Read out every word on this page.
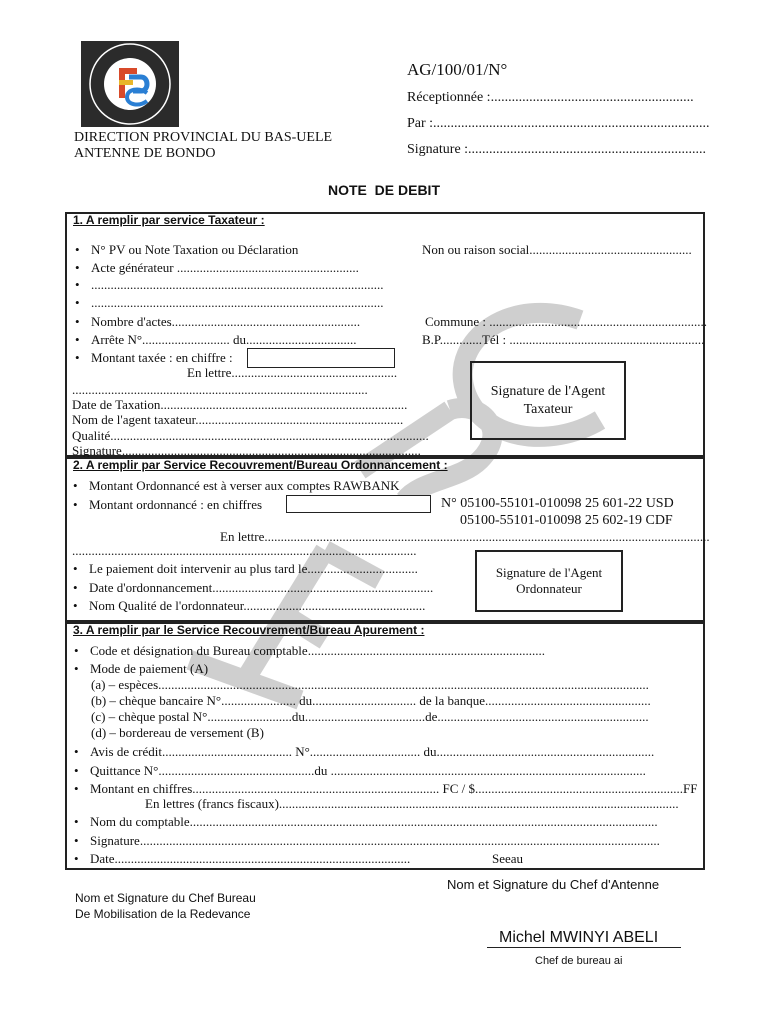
DIRECTION PROVINCIAL DU BAS-UELE
ANTENNE DE BONDO
AG/100/01/N°
Réceptionnée :..........................................................
Par :...............................................................................
Signature :....................................................................
NOTE  DE DEBIT
1. A remplir par service Taxateur :
• N° PV ou Note Taxation ou Déclaration
• Acte générateur ........................................................
• ..........................................................................................
• ..........................................................................................
• Nombre d'actes..........................................................
• Arrête N°........................... du..................................
• Montant taxée : en chiffre :
Non ou raison social..................................................
Commune : ...................................................................
B.P.............Tél : ............................................................
En lettre...................................................
...........................................................................................
Date de Taxation............................................................................
Nom de l'agent taxateur................................................................
Qualité..................................................................................................
Signature............................................................................................
Signature de l'Agent Taxateur
2. A remplir par Service Recouvrement/Bureau Ordonnancement :
• Montant Ordonnancé est à verser aux comptes RAWBANK
• Montant ordonnancé : en chiffres	N° 05100-55101-010098 25 601-22 USD
05100-55101-010098 25 602-19 CDF
En lettre.........................................................................................................................................
..........................................................................................................
• Le paiement doit intervenir au plus tard le..................................
• Date d'ordonnancement....................................................................
• Nom Qualité de l'ordonnateur........................................................
Signature de l'Agent Ordonnateur
3. A remplir par le Service Recouvrement/Bureau Apurement :
• Code et désignation du Bureau comptable.........................................................................
• Mode de paiement (A)
(a) – espèces.......................................................................................................................................................
(b) – chèque bancaire N°....................... du................................ de la banque...................................................
(c) – chèque postal N°..........................du.....................................de.................................................................
(d) – bordereau de versement (B)
• Avis de crédit........................................ N°.................................. du...................................................................
• Quittance N°................................................du .................................................................................................
• Montant en chiffres............................................................................ FC / $................................................................FF
En lettres (francs fiscaux)...........................................................................................................................
• Nom du comptable................................................................................................................................................
• Signature................................................................................................................................................................
• Date...........................................................................................	Seeau
Nom et Signature du Chef d'Antenne
Nom et Signature du Chef Bureau
De Mobilisation de la Redevance
Michel MWINYI ABELI
Chef de bureau ai
